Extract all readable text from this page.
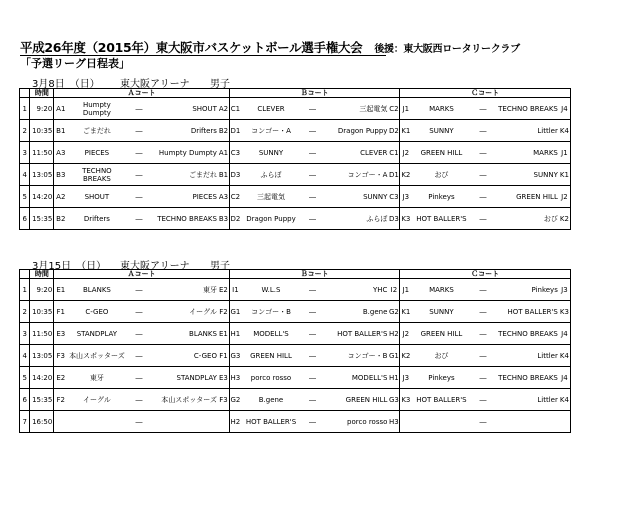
平成26年度（2015年）東大阪市バスケットボール選手権大会 後援：東大阪西ロータリークラブ
「予選リーグ日程表」
3月8日　（日） 東大阪アリーナ 男子
	時間	Ａコート					Ｂコート					Ｃコート				
1	9:20	A1	Humpty Dumpty	―	SHOUT	A2	C1	CLEVER	―	三起電気	C2	J1	MARKS	―	TECHNO BREAKS	J4
2	10:35	B1	ごまだれ	―	Drifters	B2	D1	コンゴー・A	―	Dragon Puppy	D2	K1	SUNNY	―	Littler	K4
3	11:50	A3	PIECES	―	Humpty Dumpty	A1	C3	SUNNY	―	CLEVER	C1	J2	GREEN HILL	―	MARKS	J1
4	13:05	B3	TECHNO BREAKS	―	ごまだれ	B1	D3	ふらぼ	―	コンゴー・A	D1	K2	おび	―	SUNNY	K1
5	14:20	A2	SHOUT	―	PIECES	A3	C2	三起電気	―	SUNNY	C3	J3	Pinkeys	―	GREEN HILL	J2
6	15:35	B2	Drifters	―	TECHNO BREAKS	B3	D2	Dragon Puppy	―	ふらぼ	D3	K3	HOT BALLER'S	―	おび	K2
3月15日　（日） 東大阪アリーナ 男子
	時間	Ａコート					Ｂコート					Ｃコート				
1	9:20	E1	BLANKS	―	東牙	E2	I1	W.L.S	―	YHC	I2	J1	MARKS	―	Pinkeys	J3
2	10:35	F1	C-GEO	―	イーグル	F2	G1	コンゴー・B	―	B.gene	G2	K1	SUNNY	―	HOT BALLER'S	K3
3	11:50	E3	STANDPLAY	―	BLANKS	E1	H1	MODELL'S	―	HOT BALLER'S	H2	J2	GREEN HILL	―	TECHNO BREAKS	J4
4	13:05	F3	本山スポッターズ	―	C-GEO	F1	G3	GREEN HILL	―	コンゴー・B	G1	K2	おび	―	Littler	K4
5	14:20	E2	東牙	―	STANDPLAY	E3	H3	porco rosso	―	MODELL'S	H1	J3	Pinkeys	―	TECHNO BREAKS	J4
6	15:35	F2	イーグル	―	本山スポッターズ	F3	G2	B.gene	―	GREEN HILL	G3	K3	HOT BALLER'S	―	Littler	K4
7	16:50			―			H2	HOT BALLER'S	―	porco rosso	H3			―		
